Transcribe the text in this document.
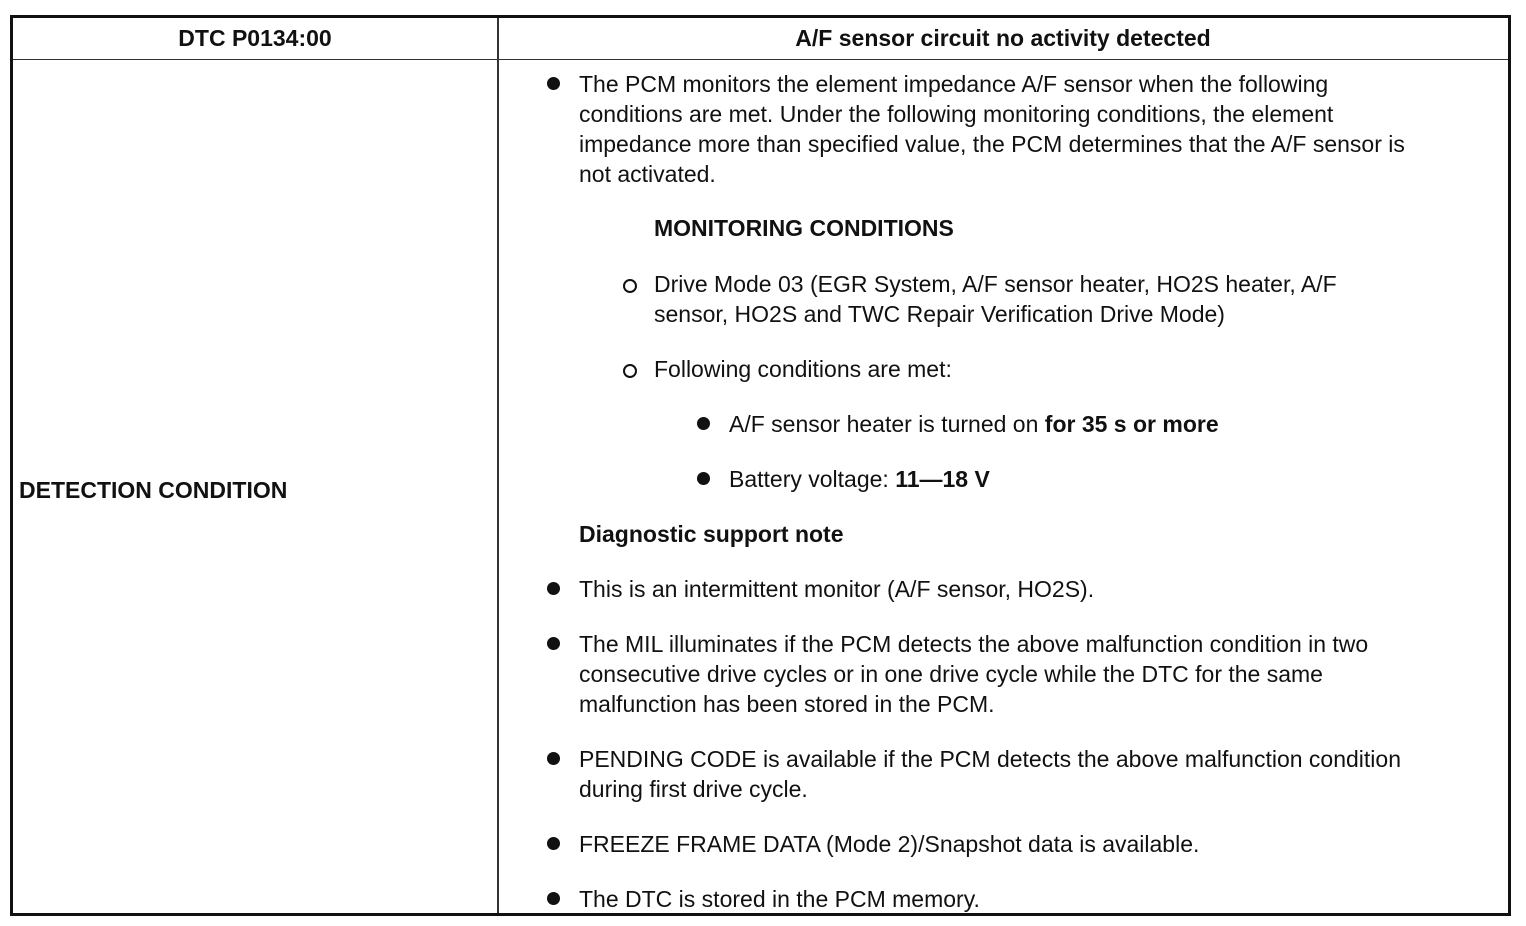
DTC P0134:00	A/F sensor circuit no activity detected
DETECTION CONDITION
The PCM monitors the element impedance A/F sensor when the following
conditions are met. Under the following monitoring conditions, the element
impedance more than specified value, the PCM determines that the A/F sensor is
not activated.
MONITORING CONDITIONS
Drive Mode 03 (EGR System, A/F sensor heater, HO2S heater, A/F
sensor, HO2S and TWC Repair Verification Drive Mode)
Following conditions are met:
A/F sensor heater is turned on for 35 s or more
Battery voltage: 11—18 V
Diagnostic support note
This is an intermittent monitor (A/F sensor, HO2S).
The MIL illuminates if the PCM detects the above malfunction condition in two
consecutive drive cycles or in one drive cycle while the DTC for the same
malfunction has been stored in the PCM.
PENDING CODE is available if the PCM detects the above malfunction condition
during first drive cycle.
FREEZE FRAME DATA (Mode 2)/Snapshot data is available.
The DTC is stored in the PCM memory.
